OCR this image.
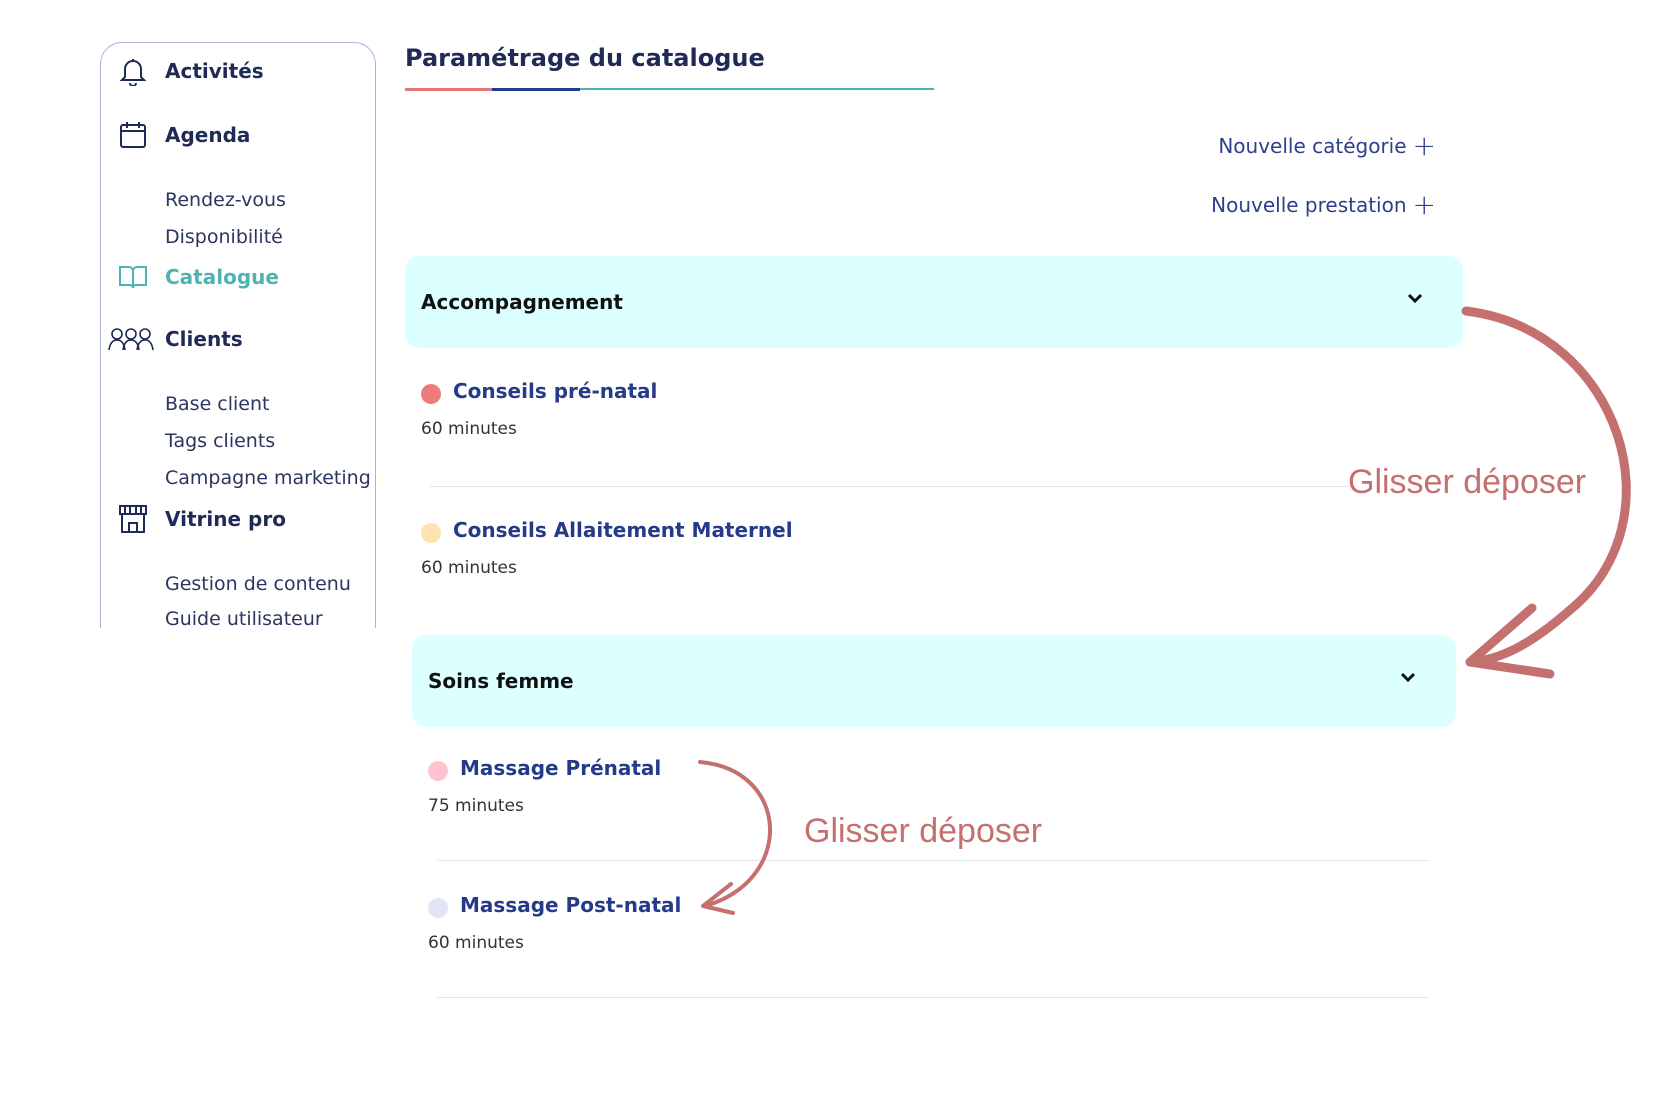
Activités
Agenda
Rendez-vous
Disponibilité
Catalogue
Clients
Base client
Tags clients
Campagne marketing
Vitrine pro
Gestion de contenu
Guide utilisateur
Paramétrage du catalogue
Nouvelle catégorie +
Nouvelle prestation +
Accompagnement
Conseils pré-natal
60 minutes
Conseils Allaitement Maternel
60 minutes
Soins femme
Massage Prénatal
75 minutes
Massage Post-natal
60 minutes
Glisser déposer
Glisser déposer
